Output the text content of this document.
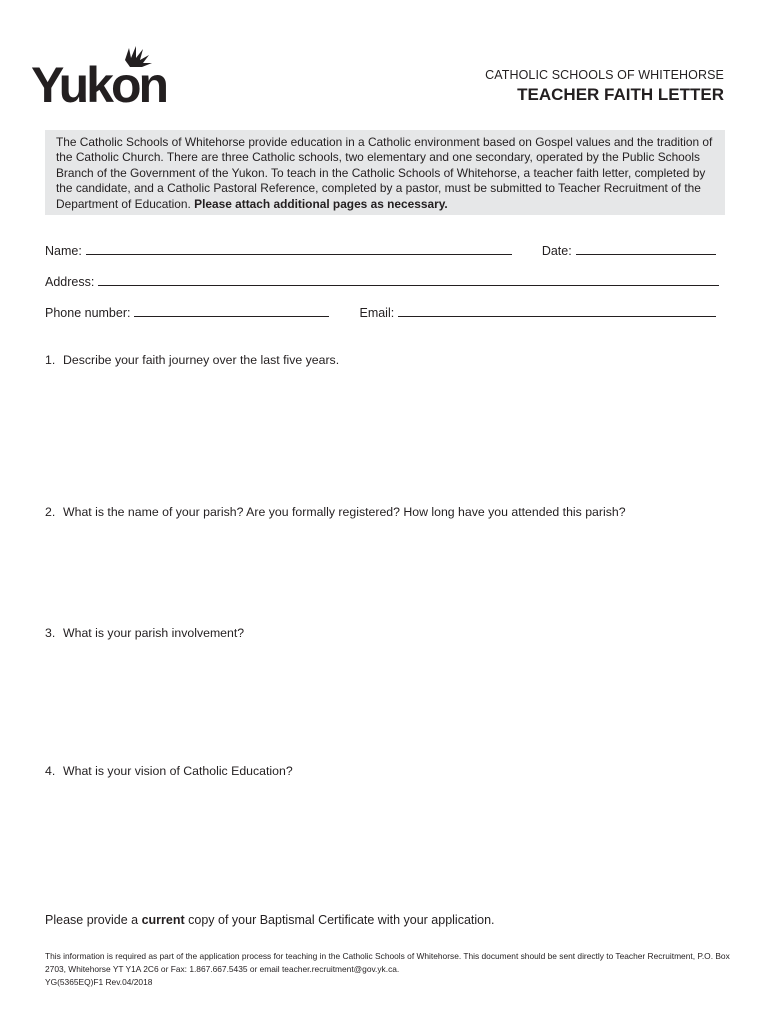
Yukon	CATHOLIC SCHOOLS OF WHITEHORSE
TEACHER FAITH LETTER

The Catholic Schools of Whitehorse provide education in a Catholic environment based on Gospel values and the tradition of the Catholic Church. There are three Catholic schools, two elementary and one secondary, operated by the Public Schools Branch of the Government of the Yukon. To teach in the Catholic Schools of Whitehorse, a teacher faith letter, completed by the candidate, and a Catholic Pastoral Reference, completed by a pastor, must be submitted to Teacher Recruitment of the Department of Education. Please attach additional pages as necessary.

Name:	Date:
Address:
Phone number:	Email:
1. Describe your faith journey over the last five years.
2. What is the name of your parish? Are you formally registered? How long have you attended this parish?
3. What is your parish involvement?
4. What is your vision of Catholic Education?
Please provide a current copy of your Baptismal Certificate with your application.
This information is required as part of the application process for teaching in the Catholic Schools of Whitehorse. This document should be sent directly to Teacher Recruitment, P.O. Box 2703, Whitehorse YT Y1A 2C6 or Fax: 1.867.667.5435 or email teacher.recruitment@gov.yk.ca.
YG(5365EQ)F1 Rev.04/2018
